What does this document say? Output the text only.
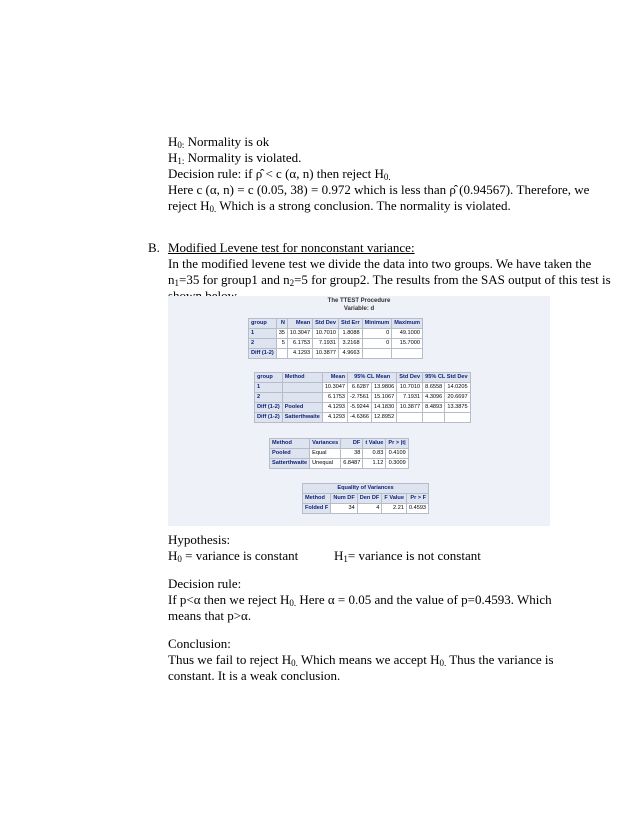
$H_{0:}$ Normality is ok
$H_{1:}$ Normality is violated.
Decision rule: if ρ̂ < c (α, n) then reject $H_{0.}$
Here c (α, n) = c (0.05, 38) = 0.972 which is less than ρ̂ (0.94567). Therefore, we
reject $H_{0.}$ Which is a strong conclusion. The normality is violated.
B. Modified Levene test for nonconstant variance:
In the modified levene test we divide the data into two groups. We have taken the
$n_1=35$ for group1 and $n_2=5$ for group2. The results from the SAS output of this test is
The TTEST Procedure
Variable: d
group	N	Mean	Std Dev	Std Err	Minimum	Maximum
1	35	10.3047	10.7010	1.8088	0	49.1000
2	5	6.1753	7.1931	3.2168	0	15.7000
Diff (1-2)		4.1293	10.3877	4.9663		
group	Method	Mean	95% CL Mean		Std Dev	95% CL Std Dev	
1		10.3047	6.6287	13.9806	10.7010	8.6558	14.0205
2		6.1753	-2.7561	15.1067	7.1931	4.3096	20.6697
Diff (1-2)	Pooled	4.1293	-5.9244	14.1830	10.3877	8.4893	13.3875
Diff (1-2)	Satterthwaite	4.1293	-4.6366	12.8952			
Method	Variances	DF	t Value	Pr > |t|
Pooled	Equal	38	0.83	0.4109
Satterthwaite	Unequal	6.8487	1.12	0.3009
Equality of Variances				
Method	Num DF	Den DF	F Value	Pr > F
Folded F	34	4	2.21	0.4593
Hypothesis:
$H_0$ = variance is constant	$H_1=$ variance is not constant
Decision rule:
If p<α then we reject $H_{0.}$ Here α = 0.05 and the value of p=0.4593. Which
means that p>α.
Conclusion:
Thus we fail to reject $H_{0.}$ Which means we accept $H_{0.}$ Thus the variance is
constant. It is a weak conclusion.
